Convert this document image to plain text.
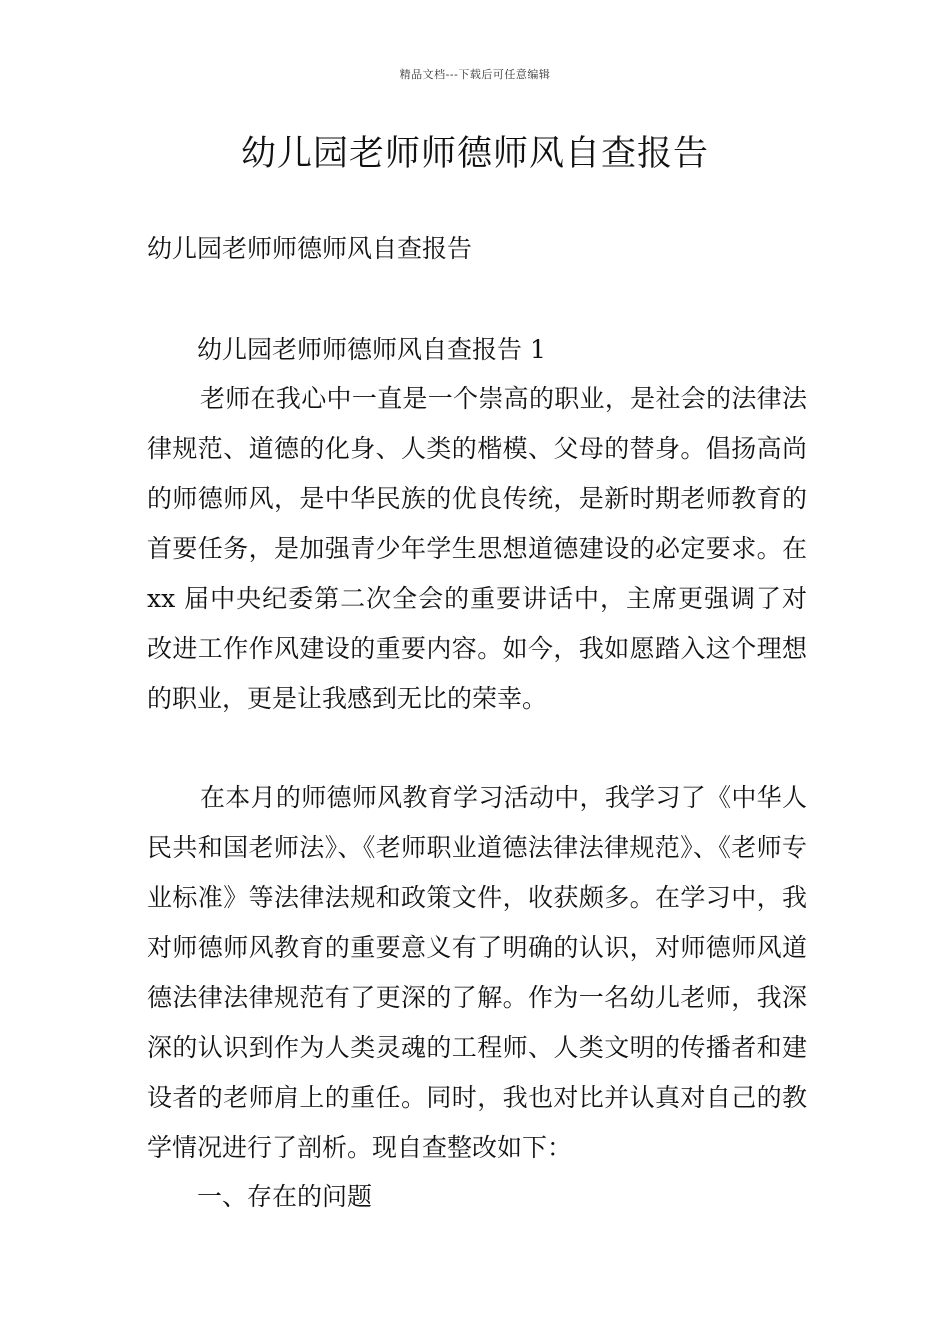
精品文档---下载后可任意编辑
幼儿园老师师德师风自查报告

幼儿园老师师德师风自查报告

幼儿园老师师德师风自查报告 1

老师在我心中一直是一个崇高的职业，是社会的法律法律规范、道德的化身、人类的楷模、父母的替身。倡扬高尚的师德师风，是中华民族的优良传统，是新时期老师教育的首要任务，是加强青少年学生思想道德建设的必定要求。在 xx 届中央纪委第二次全会的重要讲话中，主席更强调了对改进工作作风建设的重要内容。如今，我如愿踏入这个理想的职业，更是让我感到无比的荣幸。

在本月的师德师风教育学习活动中，我学习了《中华人民共和国老师法》、《老师职业道德法律法律规范》、《老师专业标准》等法律法规和政策文件，收获颇多。在学习中，我对师德师风教育的重要意义有了明确的认识，对师德师风道德法律法律规范有了更深的了解。作为一名幼儿老师，我深深的认识到作为人类灵魂的工程师、人类文明的传播者和建设者的老师肩上的重任。同时，我也对比并认真对自己的教学情况进行了剖析。现自查整改如下：

一、存在的问题
